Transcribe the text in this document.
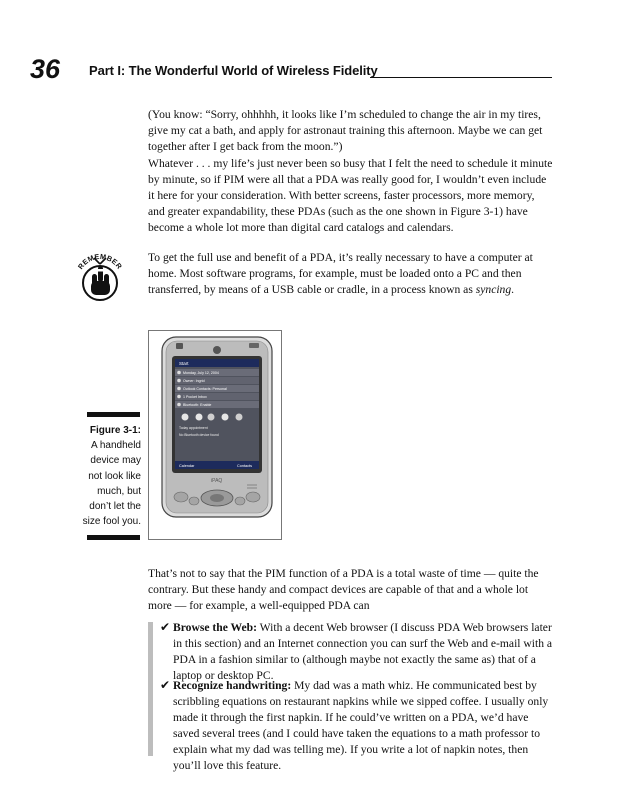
36 Part I: The Wonderful World of Wireless Fidelity
(You know: “Sorry, ohhhhh, it looks like I’m scheduled to change the air in my tires, give my cat a bath, and apply for astronaut training this afternoon. Maybe we can get together after I get back from the moon.”)
Whatever . . . my life’s just never been so busy that I felt the need to schedule it minute by minute, so if PIM were all that a PDA was really good for, I wouldn’t even include it here for your consideration. With better screens, faster processors, more memory, and greater expandability, these PDAs (such as the one shown in Figure 3-1) have become a whole lot more than digital card catalogs and calendars.
To get the full use and benefit of a PDA, it’s really necessary to have a computer at home. Most software programs, for example, must be loaded onto a PC and then transferred, by means of a USB cable or cradle, in a process known as syncing.
REMEMBER
Start
Monday, July 12, 2004
Owner: Ingrid
Outlook Contacts: Personal
1 Pocket Inbox
Bluetooth: Enable
Today appointment
No Bluetooth device found
Calendar	Contacts
iPAQ
Figure 3-1:
A handheld device may not look like much, but don’t let the size fool you.
That’s not to say that the PIM function of a PDA is a total waste of time — quite the contrary. But these handy and compact devices are capable of that and a whole lot more — for example, a well-equipped PDA can
✔ Browse the Web: With a decent Web browser (I discuss PDA Web browsers later in this section) and an Internet connection you can surf the Web and e-mail with a PDA in a fashion similar to (although maybe not exactly the same as) that of a laptop or desktop PC.
✔ Recognize handwriting: My dad was a math whiz. He communicated best by scribbling equations on restaurant napkins while we sipped coffee. I usually only made it through the first napkin. If he could’ve written on a PDA, we’d have saved several trees (and I could have taken the equations to a math professor to explain what my dad was telling me). If you write a lot of napkin notes, then you’ll love this feature.
